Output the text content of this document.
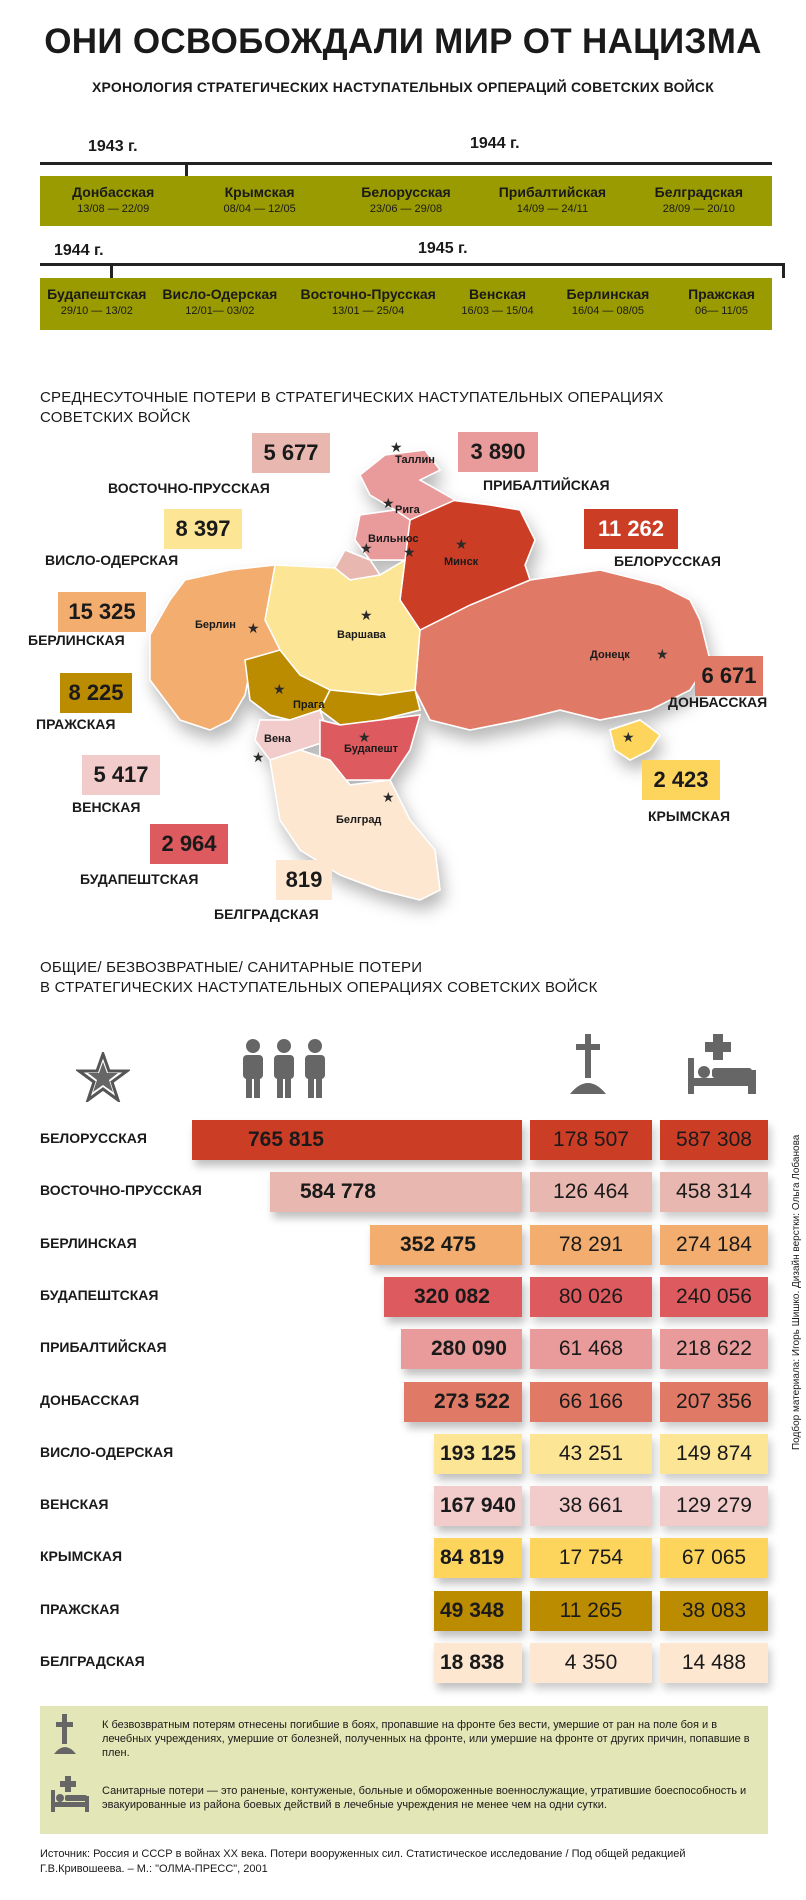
ОНИ ОСВОБОЖДАЛИ МИР ОТ НАЦИЗМА
ХРОНОЛОГИЯ СТРАТЕГИЧЕСКИХ НАСТУПАТЕЛЬНЫХ ОРПЕРАЦИЙ СОВЕТСКИХ ВОЙСК
1943 г.	1944 г.
Донбасская
13/08 — 22/09
Крымская
08/04 — 12/05
Белорусская
23/06 — 29/08
Прибалтийская
14/09 — 24/11
Белградская
28/09 — 20/10
1944 г.	1945 г.
Будапештская
29/10 — 13/02
Висло-Одерская
12/01— 03/02
Восточно-Прусская
13/01 — 25/04
Венская
16/03 — 15/04
Берлинская
16/04 — 08/05
Пражская
06— 11/05
СРЕДНЕСУТОЧНЫЕ ПОТЕРИ В СТРАТЕГИЧЕСКИХ НАСТУПАТЕЛЬНЫХ ОПЕРАЦИЯХ
СОВЕТСКИХ ВОЙСК
Таллин
Рига
Вильнюс
Минск
Берлин
Варшава
Донецк
Прага
Вена
Будапешт
Белград
★
★
★	★
★
★
★
★
★
★
★
★
★
5 677
ВОСТОЧНО-ПРУССКАЯ
3 890
ПРИБАЛТИЙСКАЯ
8 397
ВИСЛО-ОДЕРСКАЯ
11 262
БЕЛОРУССКАЯ
15 325
БЕРЛИНСКАЯ
6 671
ДОНБАССКАЯ
8 225
ПРАЖСКАЯ
5 417
ВЕНСКАЯ
2 423
КРЫМСКАЯ
2 964
БУДАПЕШТСКАЯ	819
БЕЛГРАДСКАЯ
ОБЩИЕ/ БЕЗВОЗВРАТНЫЕ/ САНИТАРНЫЕ ПОТЕРИ
В СТРАТЕГИЧЕСКИХ НАСТУПАТЕЛЬНЫХ ОПЕРАЦИЯХ СОВЕТСКИХ ВОЙСК
БЕЛОРУССКАЯ	765 815	178 507	587 308
ВОСТОЧНО-ПРУССКАЯ	584 778	126 464	458 314
БЕРЛИНСКАЯ	352 475	78 291	274 184
БУДАПЕШТСКАЯ	320 082	80 026	240 056
ПРИБАЛТИЙСКАЯ	280 090	61 468	218 622
ДОНБАССКАЯ	273 522	66 166	207 356
ВИСЛО-ОДЕРСКАЯ	193 125	43 251	149 874
ВЕНСКАЯ	167 940	38 661	129 279
КРЫМСКАЯ	84 819	17 754	67 065
ПРАЖСКАЯ	49 348	11 265	38 083
БЕЛГРАДСКАЯ	18 838	4 350	14 488
К безвозвратным потерям отнесены погибшие в боях, пропавшие на фронте без вести, умершие от ран на поле боя и в лечебных учреждениях, умершие от болезней, полученных на фронте, или умершие на фронте от других причин, попавшие в плен.
Санитарные потери — это раненые, контуженые, больные и обмороженные военнослужащие, утратившие боеспособность и эвакуированные из района боевых действий в лечебные учреждения не менее чем на одни сутки.
Источник: Россия и СССР в войнах XX века. Потери вооруженных сил. Статистическое исследование / Под общей редакцией Г.В.Кривошеева. – М.: "ОЛМА-ПРЕСС", 2001
Подбор материала: Игорь Шишко. Дизайн верстки: Ольга Лобанова
